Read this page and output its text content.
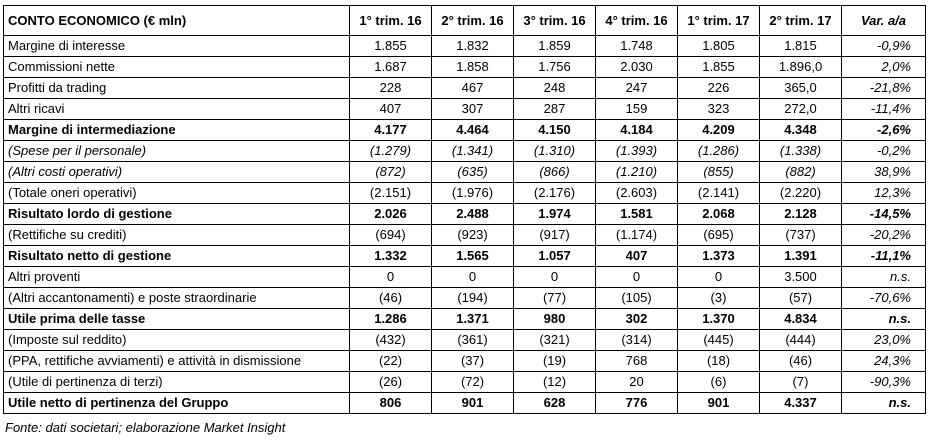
CONTO ECONOMICO (€ mln)	1° trim. 16	2° trim. 16	3° trim. 16	4° trim. 16	1° trim. 17	2° trim. 17	Var. a/a
Margine di interesse	1.855	1.832	1.859	1.748	1.805	1.815	-0,9%
Commissioni nette	1.687	1.858	1.756	2.030	1.855	1.896,0	2,0%
Profitti da trading	228	467	248	247	226	365,0	-21,8%
Altri ricavi	407	307	287	159	323	272,0	-11,4%
Margine di intermediazione	4.177	4.464	4.150	4.184	4.209	4.348	-2,6%
(Spese per il personale)	(1.279)	(1.341)	(1.310)	(1.393)	(1.286)	(1.338)	-0,2%
(Altri costi operativi)	(872)	(635)	(866)	(1.210)	(855)	(882)	38,9%
(Totale oneri operativi)	(2.151)	(1.976)	(2.176)	(2.603)	(2.141)	(2.220)	12,3%
Risultato lordo di gestione	2.026	2.488	1.974	1.581	2.068	2.128	-14,5%
(Rettifiche su crediti)	(694)	(923)	(917)	(1.174)	(695)	(737)	-20,2%
Risultato netto di gestione	1.332	1.565	1.057	407	1.373	1.391	-11,1%
Altri proventi	0	0	0	0	0	3.500	n.s.
(Altri accantonamenti) e poste straordinarie	(46)	(194)	(77)	(105)	(3)	(57)	-70,6%
Utile prima delle tasse	1.286	1.371	980	302	1.370	4.834	n.s.
(Imposte sul reddito)	(432)	(361)	(321)	(314)	(445)	(444)	23,0%
(PPA, rettifiche avviamenti) e attività in dismissione	(22)	(37)	(19)	768	(18)	(46)	24,3%
(Utile di pertinenza di terzi)	(26)	(72)	(12)	20	(6)	(7)	-90,3%
Utile netto di pertinenza del Gruppo	806	901	628	776	901	4.337	n.s.
Fonte: dati societari; elaborazione Market Insight
